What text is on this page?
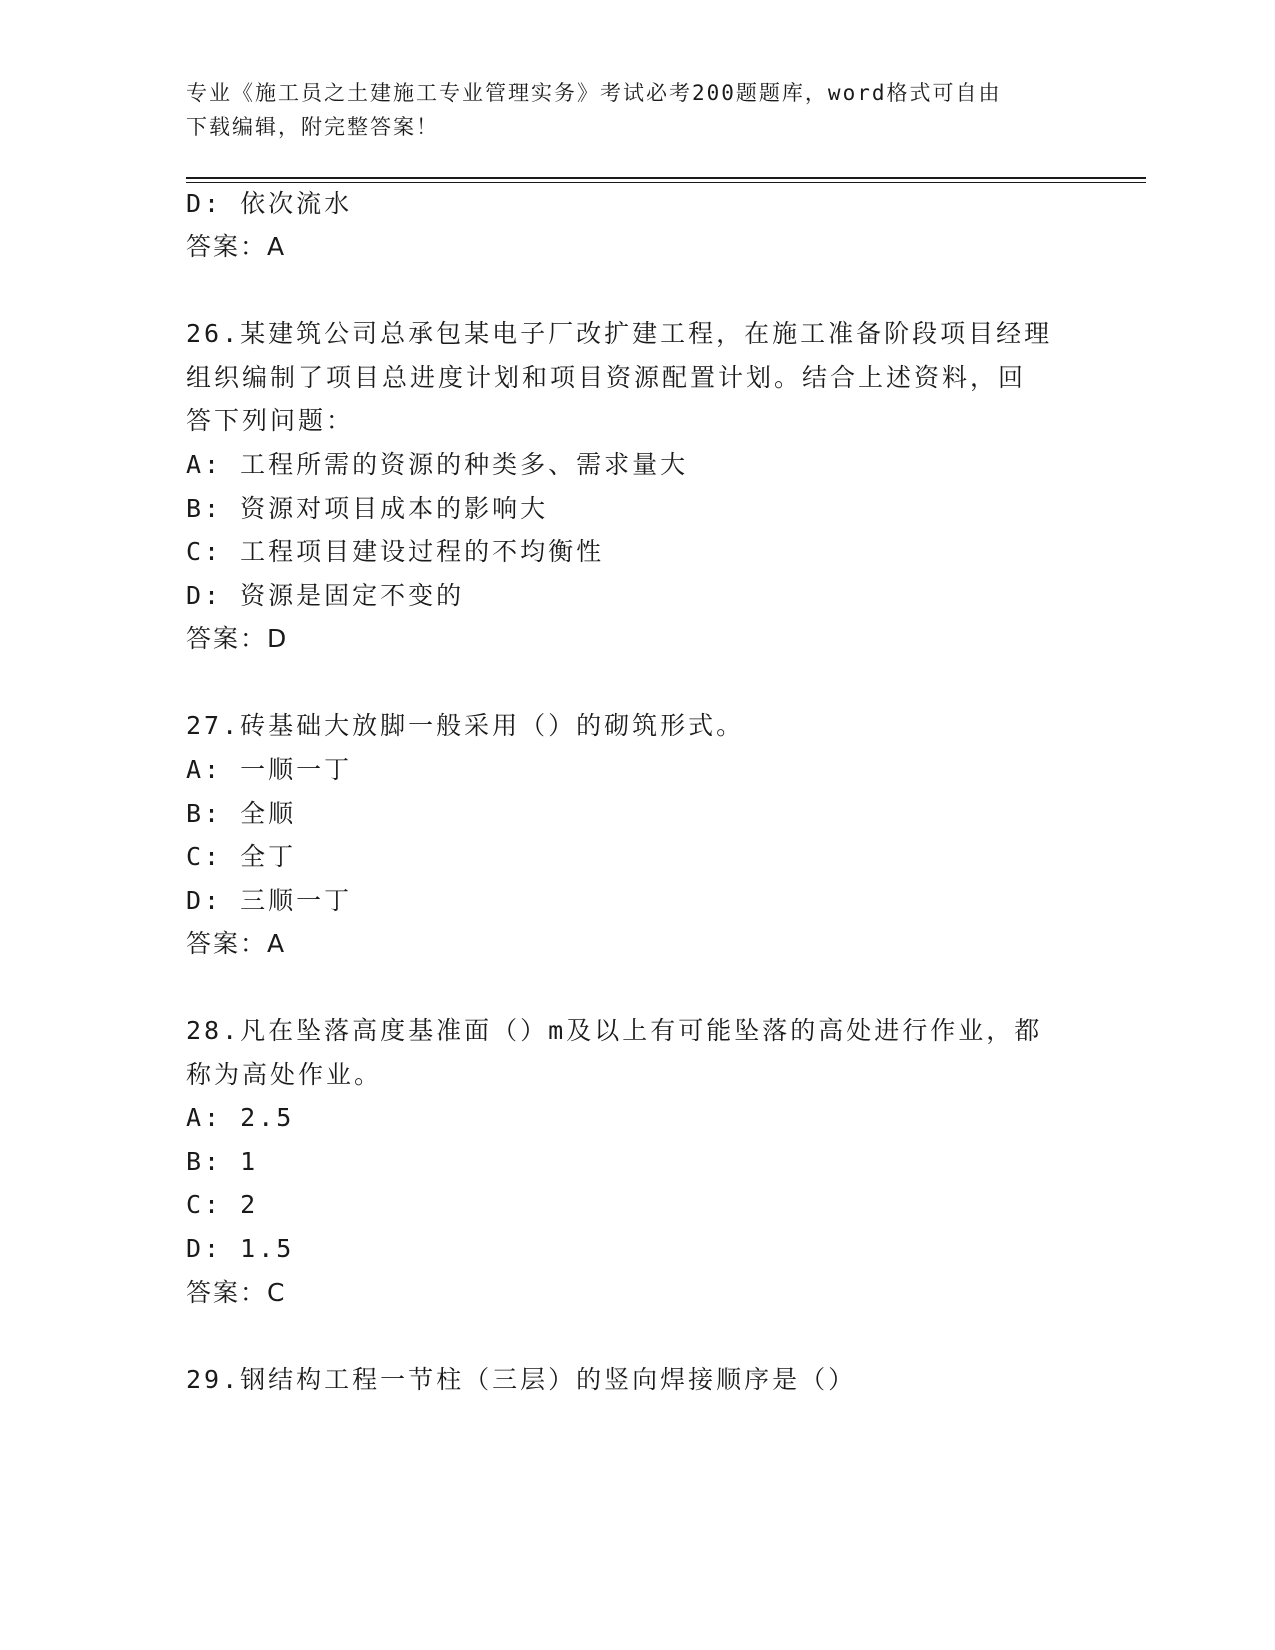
专业《施工员之土建施工专业管理实务》考试必考200题题库，word格式可自由
下载编辑，附完整答案！
D: 依次流水
答案：A
26.某建筑公司总承包某电子厂改扩建工程，在施工准备阶段项目经理
组织编制了项目总进度计划和项目资源配置计划。结合上述资料，回
答下列问题：
A: 工程所需的资源的种类多、需求量大
B: 资源对项目成本的影响大
C: 工程项目建设过程的不均衡性
D: 资源是固定不变的
答案：D
27.砖基础大放脚一般采用（）的砌筑形式。
A: 一顺一丁
B: 全顺
C: 全丁
D: 三顺一丁
答案：A
28.凡在坠落高度基准面（）m及以上有可能坠落的高处进行作业，都
称为高处作业。
A: 2.5
B: 1
C: 2
D: 1.5
答案：C
29.钢结构工程一节柱（三层）的竖向焊接顺序是（）
